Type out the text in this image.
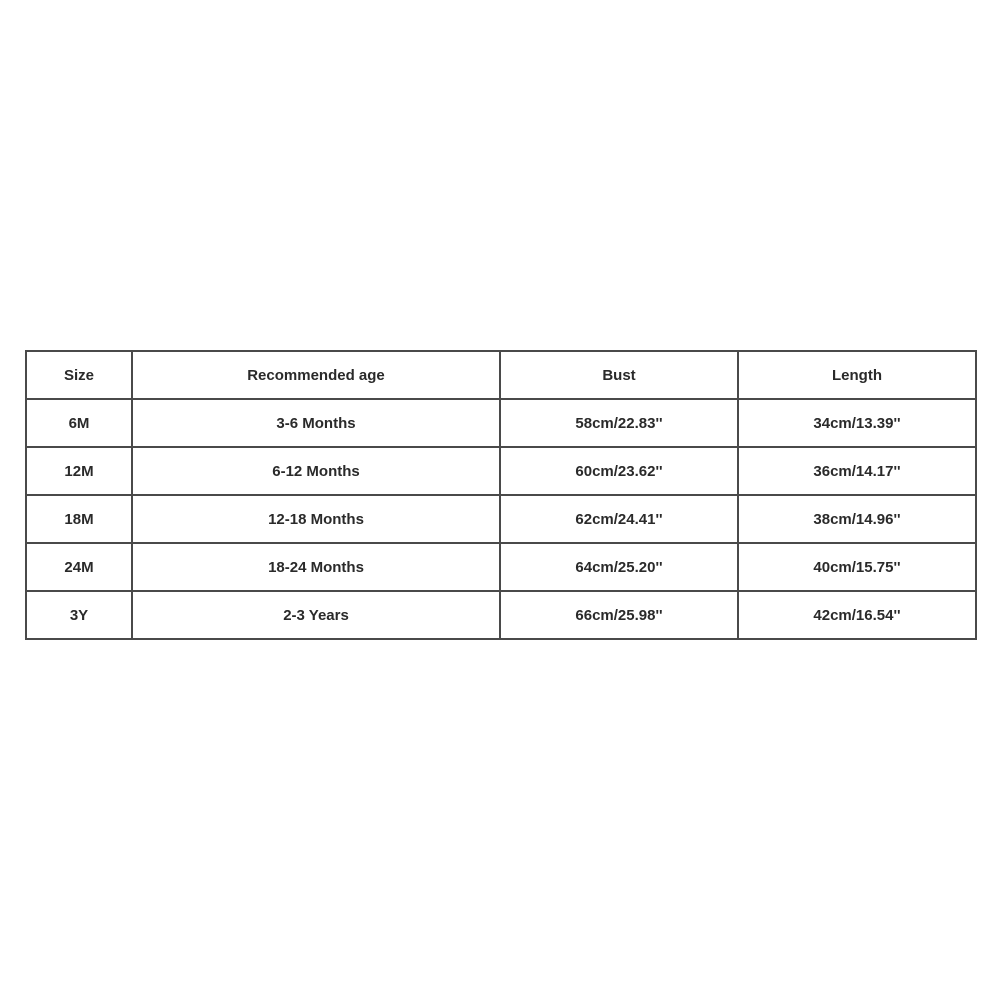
Size	Recommended age	Bust	Length
6M	3-6 Months	58cm/22.83''	34cm/13.39''
12M	6-12 Months	60cm/23.62''	36cm/14.17''
18M	12-18 Months	62cm/24.41''	38cm/14.96''
24M	18-24 Months	64cm/25.20''	40cm/15.75''
3Y	2-3 Years	66cm/25.98''	42cm/16.54''
